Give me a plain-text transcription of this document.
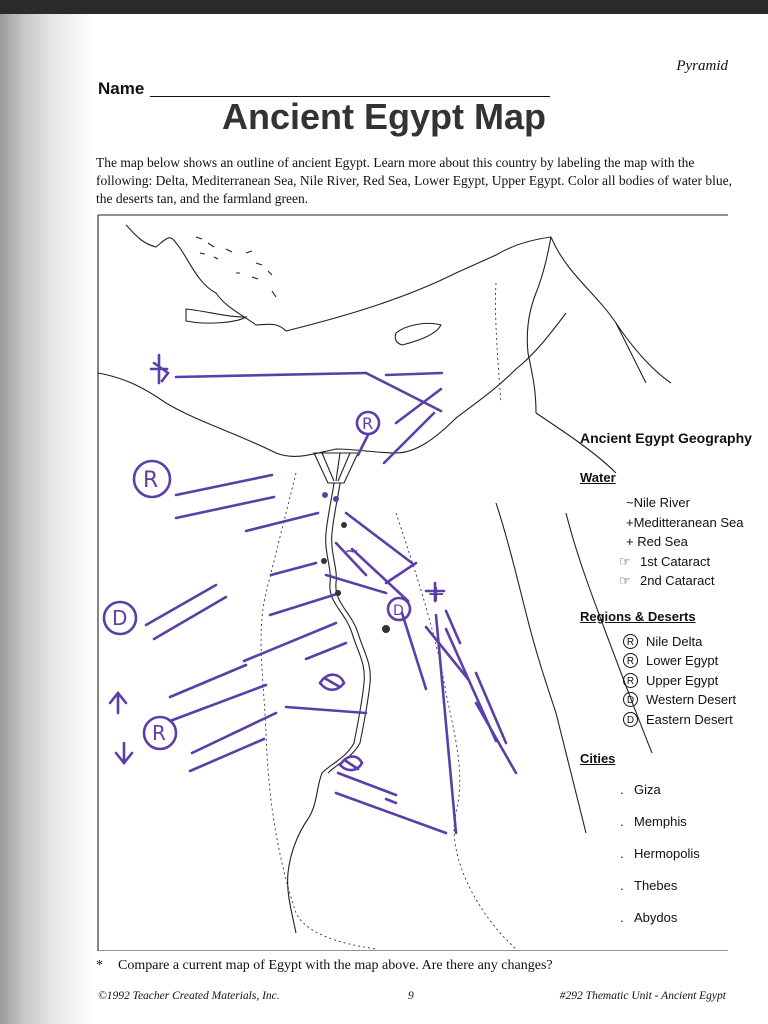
Pyramid
Name
Ancient Egypt Map
The map below shows an outline of ancient Egypt. Learn more about this country by labeling the map with the following: Delta, Mediterranean Sea, Nile River, Red Sea, Lower Egypt, Upper Egypt. Color all bodies of water blue, the deserts tan, and the farmland green.
R
R
D
R
D
+
~
Ancient Egypt Geography
Water
~Nile River
+Meditteranean Sea
+ Red Sea
☞ 1st Cataract
☞ 2nd Cataract
Regions & Deserts
R Nile Delta
R Lower Egypt
R Upper Egypt
D Western Desert
D Eastern Desert
Cities
. Giza
. Memphis
. Hermopolis
. Thebes
. Abydos
* Compare a current map of Egypt with the map above. Are there any changes?
©1992 Teacher Created Materials, Inc.	9	#292 Thematic Unit - Ancient Egypt
